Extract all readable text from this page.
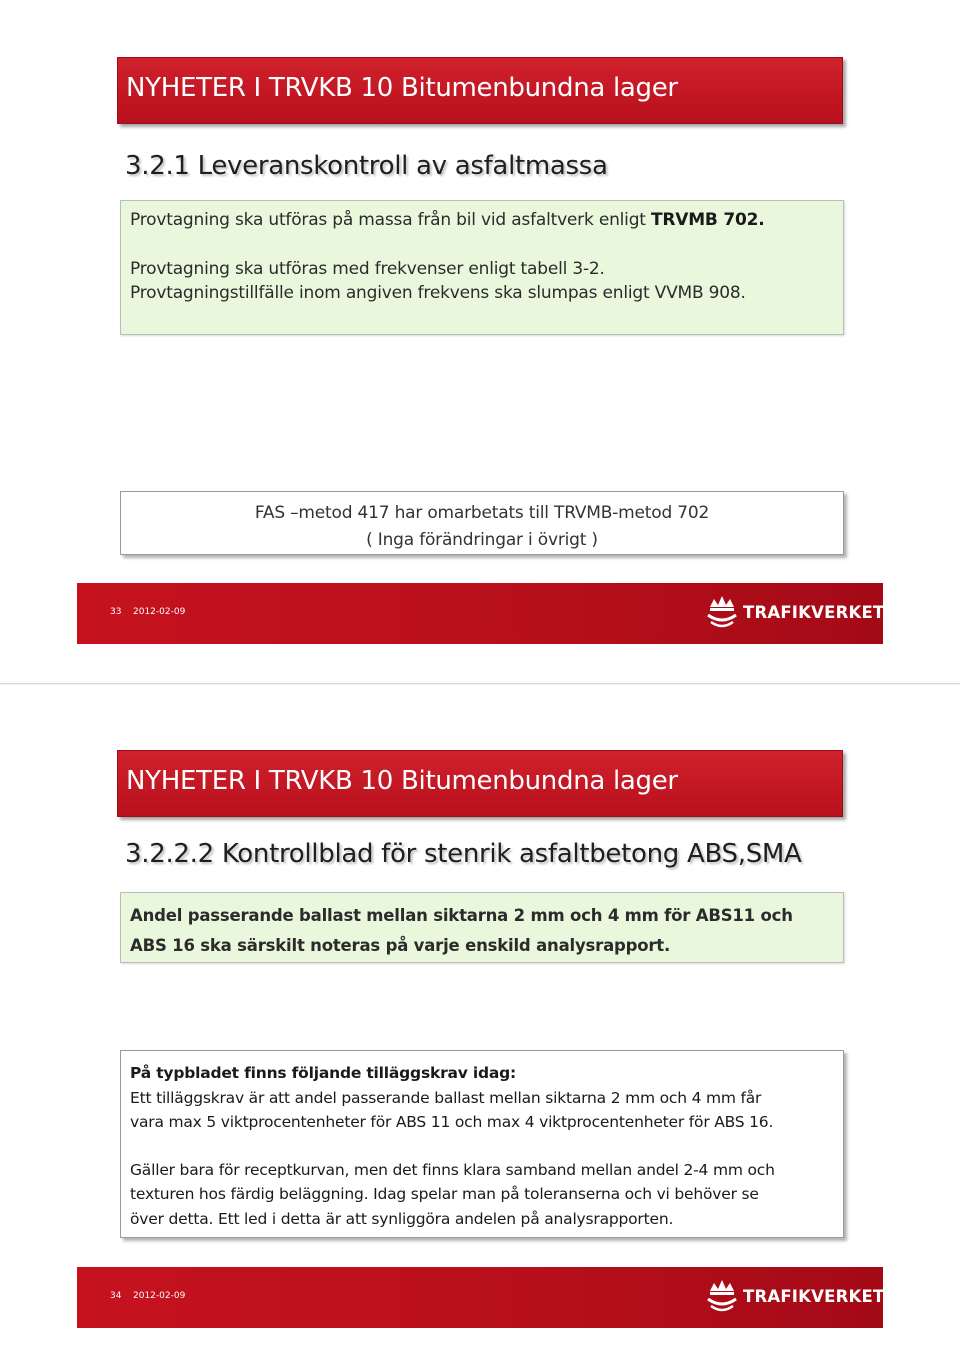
NYHETER I TRVKB 10 Bitumenbundna lager
3.2.1 Leveranskontroll av asfaltmassa

Provtagning ska utföras på massa från bil vid asfaltverk enligt TRVMB 702.

Provtagning ska utföras med frekvenser enligt tabell 3-2.

Provtagningstillfälle inom angiven frekvens ska slumpas enligt VVMB 908.

FAS –metod 417 har omarbetats till TRVMB-metod 702

( Inga förändringar i övrigt )

33 2012-02-09	TRAFIKVERKET
NYHETER I TRVKB 10 Bitumenbundna lager
3.2.2.2 Kontrollblad för stenrik asfaltbetong ABS,SMA

Andel passerande ballast mellan siktarna 2 mm och 4 mm för ABS11 och

ABS 16 ska särskilt noteras på varje enskild analysrapport.

På typbladet finns följande tilläggskrav idag:

Ett tilläggskrav är att andel passerande ballast mellan siktarna 2 mm och 4 mm får

vara max 5 viktprocentenheter för ABS 11 och max 4 viktprocentenheter för ABS 16.

Gäller bara för receptkurvan, men det finns klara samband mellan andel 2-4 mm och

texturen hos färdig beläggning. Idag spelar man på toleranserna och vi behöver se

över detta. Ett led i detta är att synliggöra andelen på analysrapporten.

34 2012-02-09	TRAFIKVERKET
